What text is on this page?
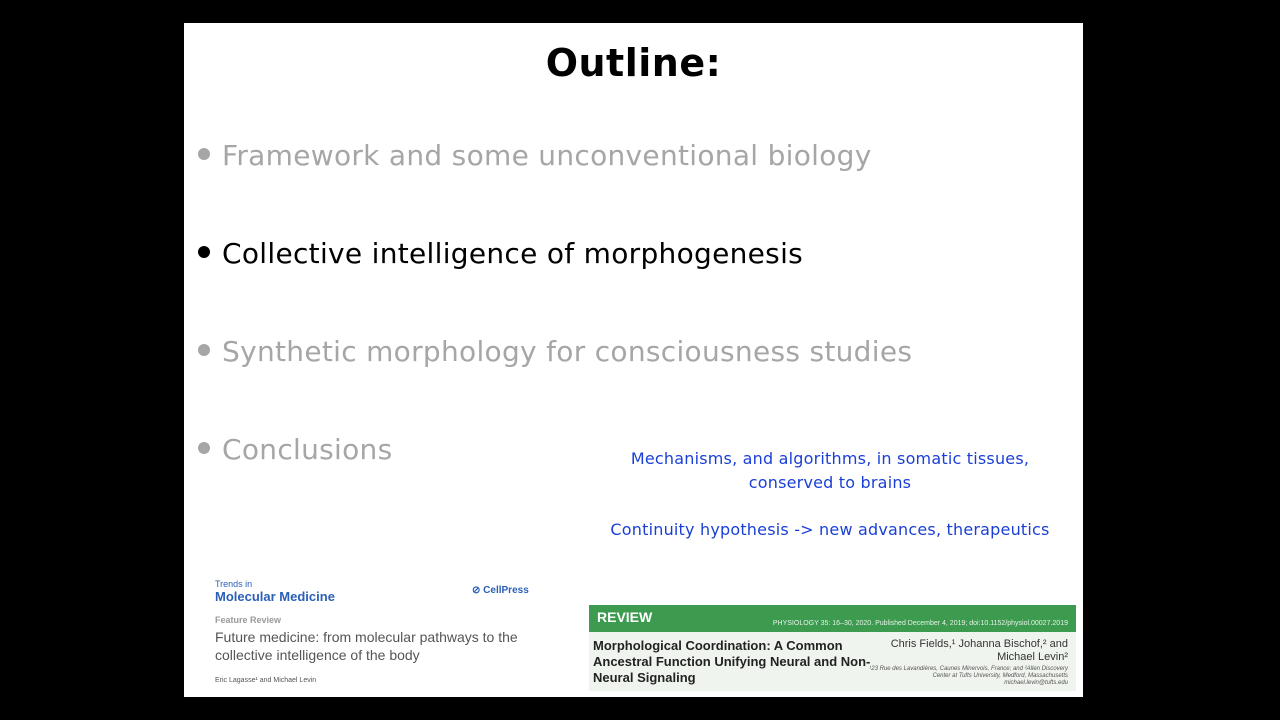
Outline:
Framework and some unconventional biology
Collective intelligence of morphogenesis
Synthetic morphology for consciousness studies
Conclusions	Mechanisms, and algorithms, in somatic tissues,
conserved to brains
Continuity hypothesis -> new advances, therapeutics
Trends in
Molecular Medicine	⊘ CellPress
Feature Review
Future medicine: from molecular pathways to the collective intelligence of the body
Eric Lagasse¹ and Michael Levin
REVIEW	PHYSIOLOGY 35: 16–30, 2020. Published December 4, 2019; doi:10.1152/physiol.00027.2019
Morphological Coordination: A Common Ancestral Function Unifying Neural and Non-Neural Signaling
Chris Fields,¹ Johanna Bischof,² and Michael Levin²
¹23 Rue des Lavandières, Caunes Minervois, France; and ²Allen Discovery Center at Tufts University, Medford, Massachusetts michael.levin@tufts.edu
